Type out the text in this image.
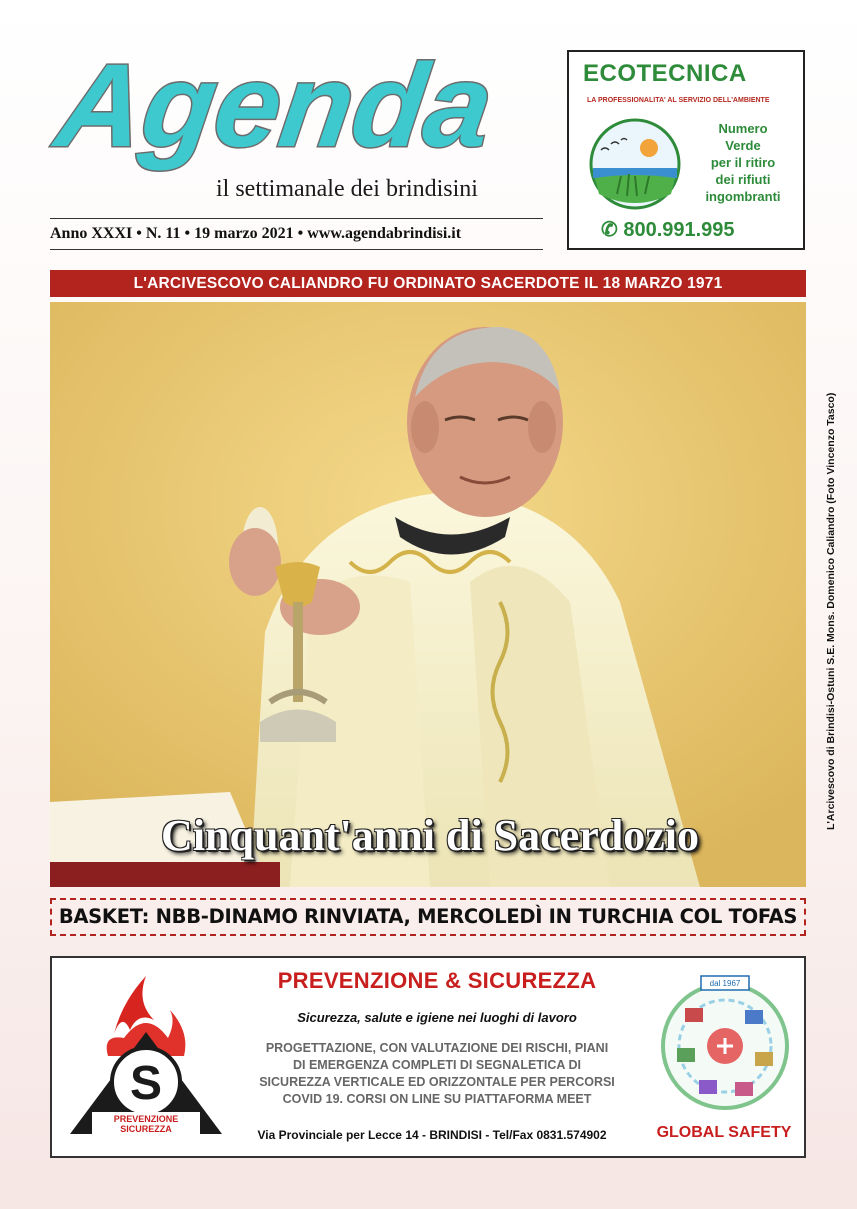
Agenda
il settimanale dei brindisini
Anno XXXI • N. 11 • 19 marzo 2021 • www.agendabrindisi.it
ECOTECNICA
LA PROFESSIONALITA' AL SERVIZIO DELL'AMBIENTE
Numero
Verde
per il ritiro
dei rifiuti
ingombranti
✆ 800.991.995
L'ARCIVESCOVO CALIANDRO FU ORDINATO SACERDOTE IL 18 MARZO 1971
Cinquant'anni di Sacerdozio
L'Arcivescovo di Brindisi-Ostuni S.E. Mons. Domenico Caliandro (Foto Vincenzo Tasco)
BASKET: NBB-DINAMO RINVIATA, MERCOLEDÌ IN TURCHIA COL TOFAS
S
PREVENZIONE
SICUREZZA
PREVENZIONE & SICUREZZA
Sicurezza, salute e igiene nei luoghi di lavoro
PROGETTAZIONE, CON VALUTAZIONE DEI RISCHI, PIANI
DI EMERGENZA COMPLETI DI SEGNALETICA DI
SICUREZZA VERTICALE ED ORIZZONTALE PER PERCORSI
COVID 19. CORSI ON LINE SU PIATTAFORMA MEET
Via Provinciale per Lecce 14 - BRINDISI - Tel/Fax 0831.574902
dal 1967
GLOBAL SAFETY
